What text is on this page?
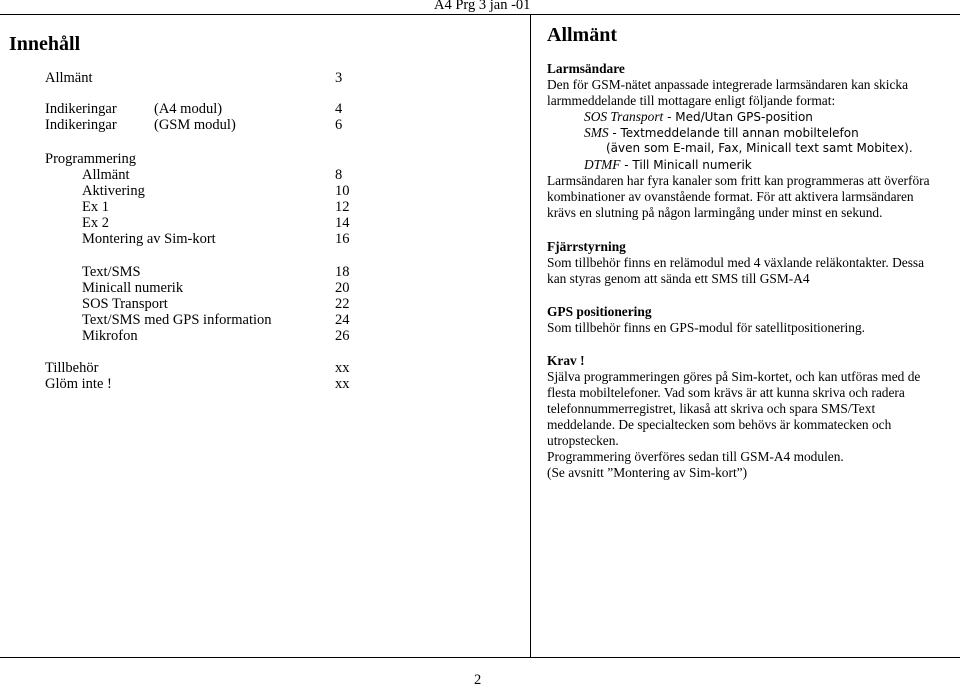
A4 Prg 3 jan -01
Innehåll
Allmänt	3
Indikeringar	(A4 modul)	4
Indikeringar	(GSM modul)	6
Programmering
Allmänt	8
Aktivering	10
Ex 1	12
Ex 2	14
Montering av Sim-kort	16
Text/SMS	18
Minicall numerik	20
SOS Transport	22
Text/SMS med GPS information	24
Mikrofon	26
Tillbehör	xx
Glöm inte !	xx
Allmänt
Larmsändare
Den för GSM-nätet anpassade integrerade larmsändaren kan skicka
larmmeddelande till mottagare enligt följande format:
SOS Transport - Med/Utan GPS-position
SMS - Textmeddelande till annan mobiltelefon
(även som E-mail, Fax, Minicall text samt Mobitex).
DTMF - Till Minicall numerik
Larmsändaren har fyra kanaler som fritt kan programmeras att överföra
kombinationer av ovanstående format. För att aktivera larmsändaren
krävs en slutning på någon larmingång under minst en sekund.
Fjärrstyrning
Som tillbehör finns en relämodul med 4 växlande reläkontakter. Dessa
kan styras genom att sända ett SMS till GSM-A4
GPS positionering
Som tillbehör finns en GPS-modul för satellitpositionering.
Krav !
Själva programmeringen göres på Sim-kortet, och kan utföras med de
flesta mobiltelefoner. Vad som krävs är att kunna skriva och radera
telefonnummerregistret, likaså att skriva och spara SMS/Text
meddelande. De specialtecken som behövs är kommatecken och
utropstecken.
Programmering överföres sedan till GSM-A4 modulen.
(Se avsnitt ”Montering av Sim-kort”)
2
